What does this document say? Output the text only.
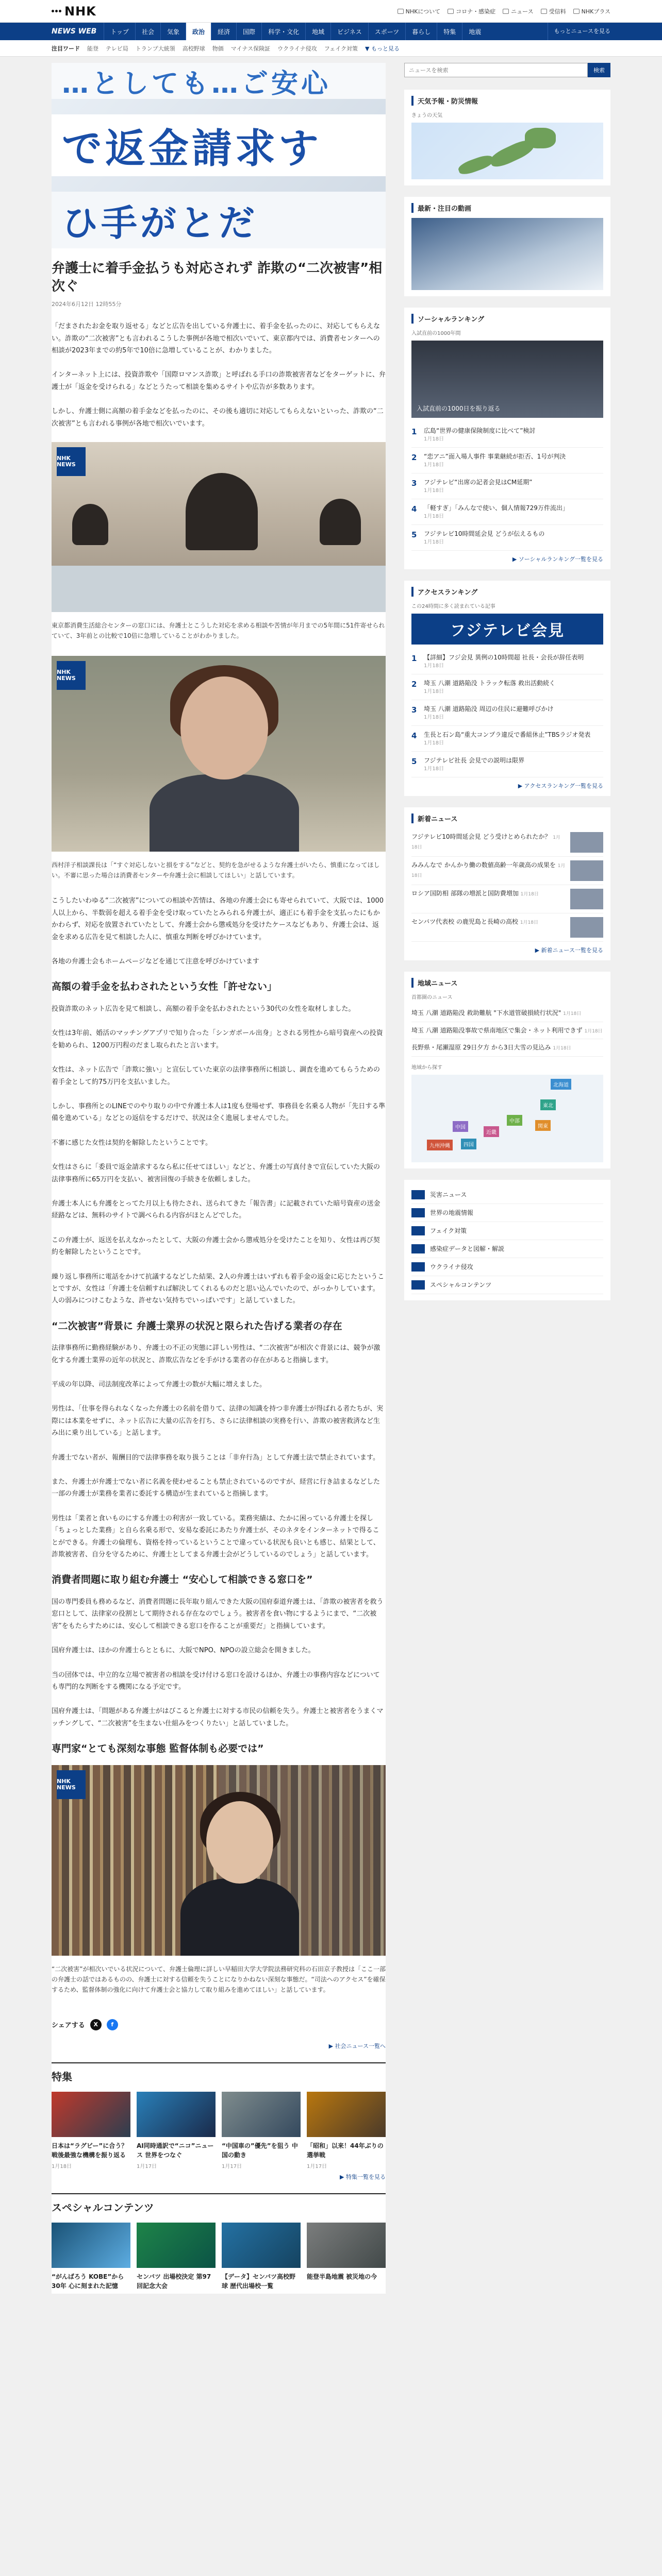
NHK	NHKについて	コロナ・感染症	ニュース	受信料	NHKプラス
NEWS WEB	トップ	社会	気象	政治	経済	国際	科学・文化	地域	ビジネス	スポーツ	暮らし	特集	地震	もっとニュースを見る
注目ワード 能登 テレビ局 トランプ大統領 高校野球 物価 マイナス保険証 ウクライナ侵攻 フェイク対策 ▼ もっと見る
…としても…ご安心
で返金請求す
ひ手がとだ
弁護士に着手金払うも対応されず 詐欺の“二次被害”相次ぐ
2024年6月12日 12時55分

「だまされたお金を取り返せる」などと広告を出している弁護士に、着手金を払ったのに、対応してもらえない。詐欺の“二次被害”とも言われるこうした事例が各地で相次いでいて、東京都内では、消費者センターへの相談が2023年までの約5年で10倍に急増していることが、わかりました。

インターネット上には、投資詐欺や「国際ロマンス詐欺」と呼ばれる手口の詐欺被害者などをターゲットに、弁護士が「返金を受けられる」などとうたって相談を集めるサイトや広告が多数あります。

しかし、弁護士側に高額の着手金などを払ったのに、その後も適切に対応してもらえないといった、詐欺の“二次被害”とも言われる事例が各地で相次いでいます。

NHK NEWS
東京都消費生活総合センターの窓口には、弁護士とこうした対応を求める相談や苦情が年月までの5年間に51件寄せられていて、3年前との比較で10倍に急増していることがわかりました。
NHK NEWS
西村洋子相談課長は「“すぐ対応しないと損をする”などと、契約を急がせるような弁護士がいたら、慎重になってほしい。不審に思った場合は消費者センターや弁護士会に相談してほしい」と話しています。

こうしたいわゆる“二次被害”についての相談や苦情は、各地の弁護士会にも寄せられていて、大阪では、1000人以上から、半数弱を超える着手金を受け取っていたとみられる弁護士が、適正にも着手金を支払ったにもかかわらず、対応を放置されていたとして、弁護士会から懲戒処分を受けたケースなどもあり、弁護士会は、返金を求める広告を見て相談した人に、慎重な判断を呼びかけています。

各地の弁護士会もホームページなどを通じて注意を呼びかけています

高額の着手金を払わされたという女性「許せない」

投資詐欺のネット広告を見て相談し、高額の着手金を払わされたという30代の女性を取材しました。

女性は3年前、婚活のマッチングアプリで知り合った「シンガポール出身」とされる男性から暗号資産への投資を勧められ、1200万円程のだまし取られたと言います。

女性は、ネット広告で「詐欺に強い」と宣伝していた東京の法律事務所に相談し、調査を進めてもらうための着手金として約75万円を支払いました。

しかし、事務所とのLINEでのやり取りの中で弁護士本人は1度も登場せず、事務員を名乗る人物が「先日する準備を進めている」などとの返信をするだけで、状況は全く進展しませんでした。

不審に感じた女性は契約を解除したということです。

女性はさらに「委員で返金請求するなら私に任せてほしい」などと、弁護士の写真付きで宣伝していた大阪の法律事務所に65万円を支払い、被害回復の手続きを依頼しました。

弁護士本人にも弁護をとってた月以上も待たされ、送られてきた「報告書」に記載されていた暗号資産の送金経路などは、無料のサイトで調べられる内容がほとんどでした。

この弁護士が、返送を払えなかったとして、大阪の弁護士会から懲戒処分を受けたことを知り、女性は再び契約を解除したということです。

繰り返し事務所に電話をかけて抗議するなどした結果、2人の弁護士はいずれも着手金の返金に応じたということですが、女性は「弁護士を信頼すれば解決してくれるものだと思い込んでいたので、がっかりしています。人の弱みにつけこむような、許せない気持ちでいっぱいです」と話していました。

“二次被害”背景に 弁護士業界の状況と限られた告げる業者の存在

法律事務所に勤務経験があり、弁護士の不正の実態に詳しい男性は、“二次被害”が相次ぐ背景には、競争が激化する弁護士業界の近年の状況と、詐欺広告などを手がける業者の存在があると指摘します。

平成の年以降、司法制度改革によって弁護士の数が大幅に増えました。

男性は、「仕事を得られなくなった弁護士の名前を借りて、法律の知識を持つ非弁護士が得ばれる者たちが、実際には本業をせずに、ネット広告に大量の広告を打ち、さらに法律相談の実務を行い、詐欺の被害救済など生み出に乗り出している」と話します。

弁護士でない者が、報酬目的で法律事務を取り扱うことは「非弁行為」として弁護士法で禁止されています。

また、弁護士が弁護士でない者に名義を使わせることも禁止されているのですが、経営に行き詰まるなどした一部の弁護士が業務を業者に委託する構造が生まれていると指摘します。

男性は「業者と食いものにする弁護士の利害が一致している。業務実績は、たかに困っている弁護士を探し「ちょっとした業務」と自ら名乗る形で、安易な委託にあたり弁護士が、そのネタをインターネットで得ることができる。弁護士の倫理も、資格を持っているということで違っている状況も良いとも感じ、結果として、詐欺被害者、自分を守るために、弁護士としてまる弁護士会がどうしているのでしょう」と話しています。

消費者問題に取り組む弁護士 “安心して相談できる窓口を”

国の専門委員も務めるなど、消費者問題に長年取り組んできた大阪の国府泰道弁護士は、「詐欺の被害者を救う窓口として、法律家の役割として期待される存在なのでしょう。被害者を食い物にするようにまで、“二次被害”をもたらすためには、安心して相談できる窓口を作ることが重要だ」と指摘しています。

国府弁護士は、ほかの弁護士らとともに、大阪でNPO、NPOの設立総会を開きました。

当の団体では、中立的な立場で被害者の相談を受け付ける窓口を設けるほか、弁護士の事務内容などについても専門的な判断をする機関になる予定です。

国府弁護士は、「問題がある弁護士がはびこると弁護士に対する市民の信頼を失う。弁護士と被害者をうまくマッチングして、“二次被害”を生まない仕組みをつくりたい」と話していました。

専門家“とても深刻な事態 監督体制も必要では”
NHK NEWS
“二次被害”が相次いでいる状況について、弁護士倫理に詳しい早稲田大学大学院法務研究科の石田京子教授は「ここ一部の弁護士の話ではあるものの、弁護士に対する信頼を失うことになりかねない深刻な事態だ。“司法へのアクセス”を確保するため、監督体制の強化に向けて弁護士会と協力して取り組みを進めてほしい」と話しています。
シェアする	X	f
▶ 社会ニュース一覧へ
特集
日本は“ラグビー”に合う？ 戦後最強な機構を振り返る
1月18日
AI同時通訳で“ニコ”ニュース 世界をつなぐ
1月17日
“中国車の”優先”を狙う 中国の動き
1月17日
「昭和」以来！44年ぶりの選挙戦
1月17日
▶ 特集一覧を見る
スペシャルコンテンツ
“がんばろう KOBE”から30年 心に刻まれた記憶
センバツ 出場校決定 第97回記念大会
【データ】センバツ高校野球 歴代出場校一覧
能登半島地震 被災地の今
ニュースを検索
検索
天気予報・防災情報
きょうの天気
最新・注目の動画
ソーシャルランキング
入試直前の1000年間
入試直前の1000日を振り返る
1 広島“世界の健康保険制度に比べて”検討
1月18日
2 “恋アニ”面入場人事件 事業継続が拒否、1号が判決
1月18日
3 フジテレビ“出席の記者会見はCM延期”
1月18日
4 「軽すぎ」「みんなで使い、個人情報729万件流出」
1月18日
5 フジテレビ10時間延会見 どうが伝えるもの
1月18日
▶ ソーシャルランキング一覧を見る
アクセスランキング
この24時間に多く読まれている記事
フジテレビ会見
1 【詳細】フジ会見 異例の10時間超 社長・会長が辞任表明
1月18日
2 埼玉 八潮 道路陥没 トラック転落 救出活動続く
1月18日
3 埼玉 八潮 道路陥没 周辺の住民に避難呼びかけ
1月18日
4 生長と石ン島“重大コンプラ違反で番組休止”TBSラジオ発表
1月18日
5 フジテレビ社長 会見での説明は限界
1月18日
▶ アクセスランキング一覧を見る
新着ニュース
フジテレビ10時間延会見 どう受けとめられたか？ 1月18日
みみんなで かんかり働の数値高齢一年歳高の成果を 1月18日
ロシア国防相 部隊の増派と国防費増加 1月18日
センバツ代表校 の鹿児島と長崎の高校 1月18日
▶ 新着ニュース一覧を見る
地域ニュース
首都圏のニュース
埼玉 八潮 道路陥没 救助難航 "下水道管破損続行状況" 1月18日
埼玉 八潮 道路陥没事故で県南地区で集会・ネット利用できず 1月18日
長野県・尾瀬湿原 29日夕方 から3日大雪の見込み 1月18日
地域から探す
北海道
東北
関東
中部
近畿
中国
四国
九州沖縄
災害ニュース
世界の地震情報
フェイク対策
感染症データと図解・解説
ウクライナ侵攻
スペシャルコンテンツ
